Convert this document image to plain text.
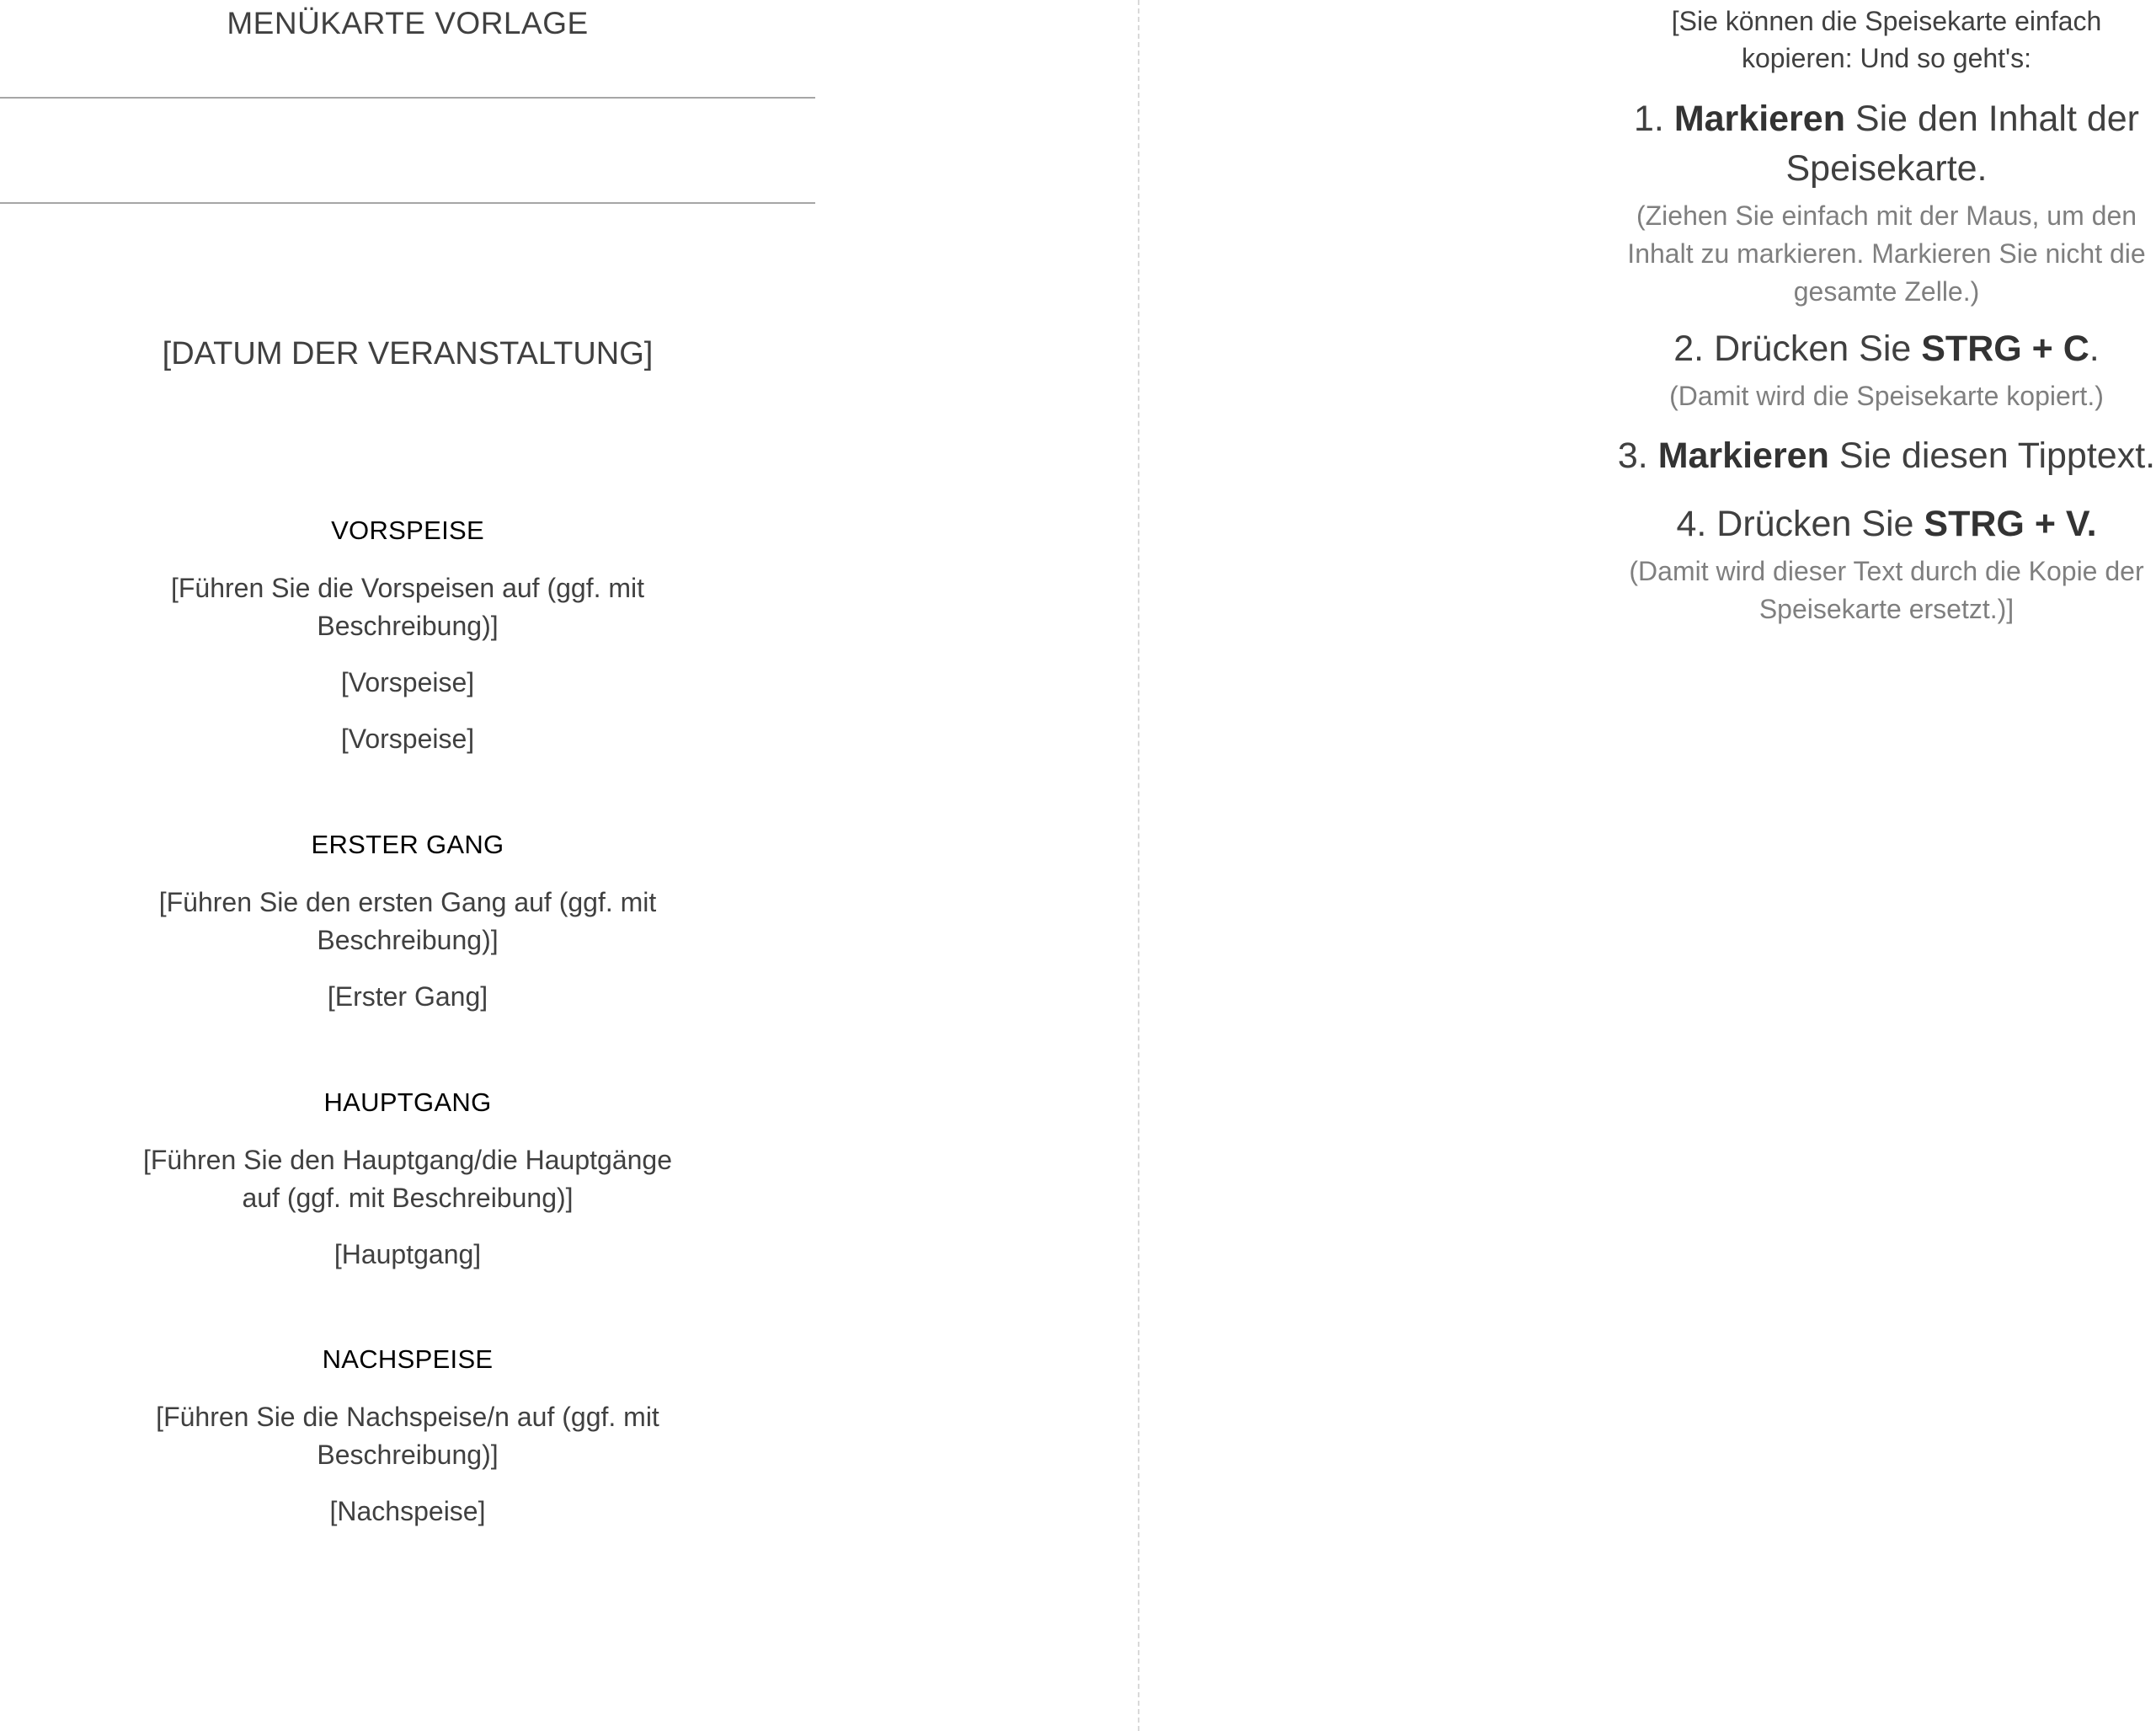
MENÜKARTE VORLAGE
[DATUM DER VERANSTALTUNG]
VORSPEISE
[Führen Sie die Vorspeisen auf (ggf. mit Beschreibung)]
[Vorspeise]
[Vorspeise]
ERSTER GANG
[Führen Sie den ersten Gang auf (ggf. mit Beschreibung)]
[Erster Gang]
HAUPTGANG
[Führen Sie den Hauptgang/die Hauptgänge auf (ggf. mit Beschreibung)]
[Hauptgang]
NACHSPEISE
[Führen Sie die Nachspeise/n auf (ggf. mit Beschreibung)]
[Nachspeise]
[Sie können die Speisekarte einfach kopieren: Und so geht's:
1. Markieren Sie den Inhalt der Speisekarte.
(Ziehen Sie einfach mit der Maus, um den Inhalt zu markieren. Markieren Sie nicht die gesamte Zelle.)
2. Drücken Sie STRG + C.
(Damit wird die Speisekarte kopiert.)
3. Markieren Sie diesen Tipptext.
4. Drücken Sie STRG + V.
(Damit wird dieser Text durch die Kopie der Speisekarte ersetzt.)]
